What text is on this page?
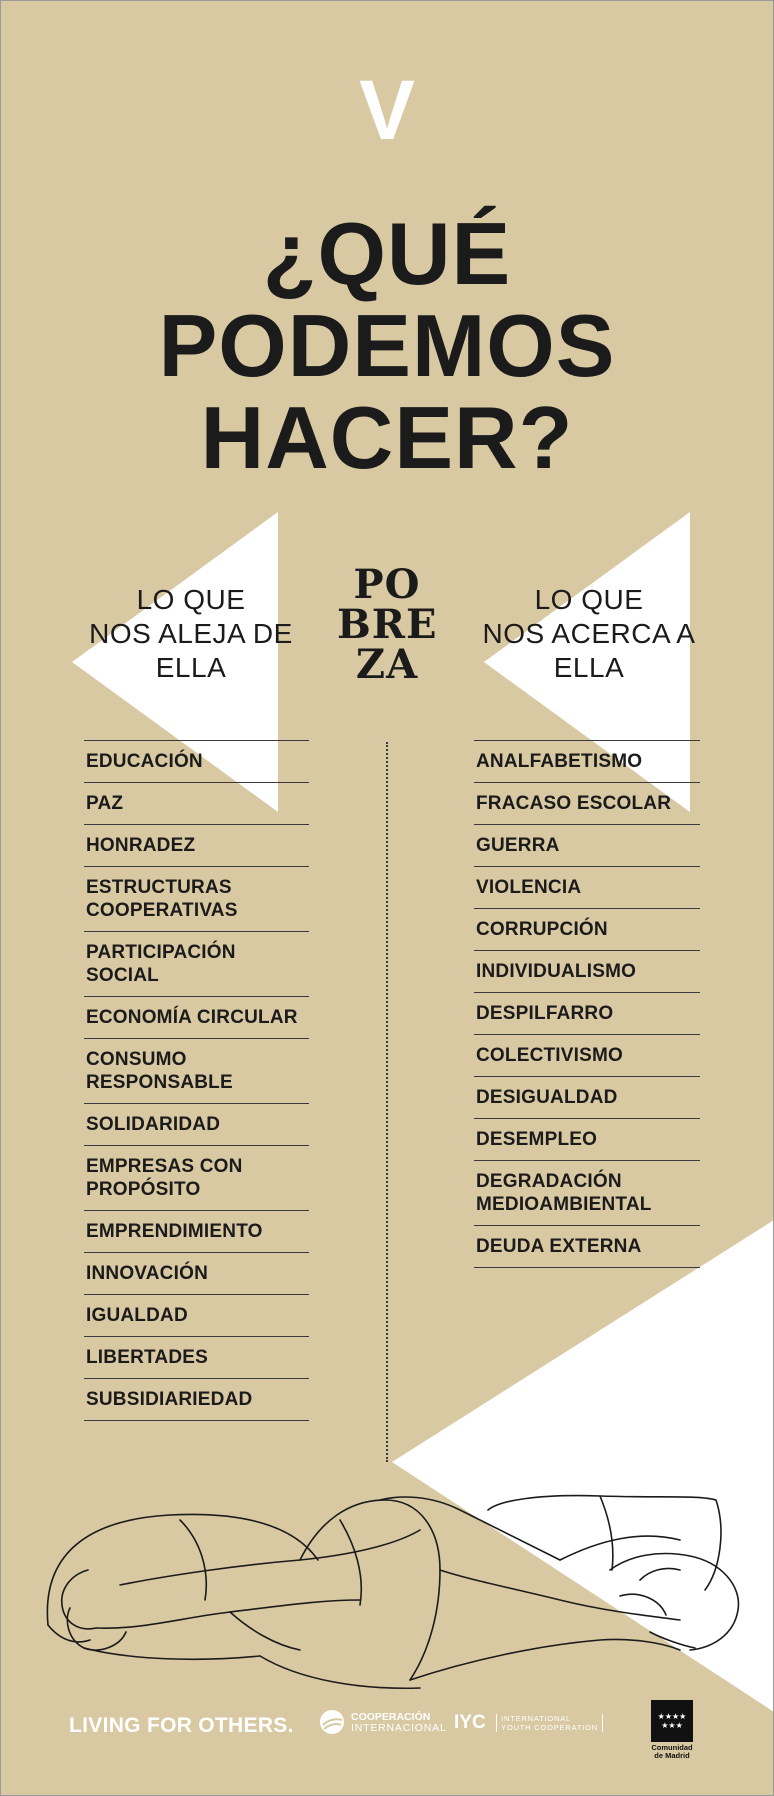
V
¿QUÉ
PODEMOS
HACER?
LO QUE
NOS ALEJA DE
ELLA
PO
BRE
ZA
LO QUE
NOS ACERCA A
ELLA
EDUCACIÓN
PAZ
HONRADEZ
ESTRUCTURAS COOPERATIVAS
PARTICIPACIÓN SOCIAL
ECONOMÍA CIRCULAR
CONSUMO RESPONSABLE
SOLIDARIDAD
EMPRESAS CON PROPÓSITO
EMPRENDIMIENTO
INNOVACIÓN
IGUALDAD
LIBERTADES
SUBSIDIARIEDAD
ANALFABETISMO
FRACASO ESCOLAR
GUERRA
VIOLENCIA
CORRUPCIÓN
INDIVIDUALISMO
DESPILFARRO
COLECTIVISMO
DESIGUALDAD
DESEMPLEO
DEGRADACIÓN MEDIOAMBIENTAL
DEUDA EXTERNA
LIVING FOR OTHERS.	COOPERACIÓN
INTERNACIONAL IYC INTERNATIONAL
YOUTH COOPERATION
★★★★
★★★
Comunidad
de Madrid
